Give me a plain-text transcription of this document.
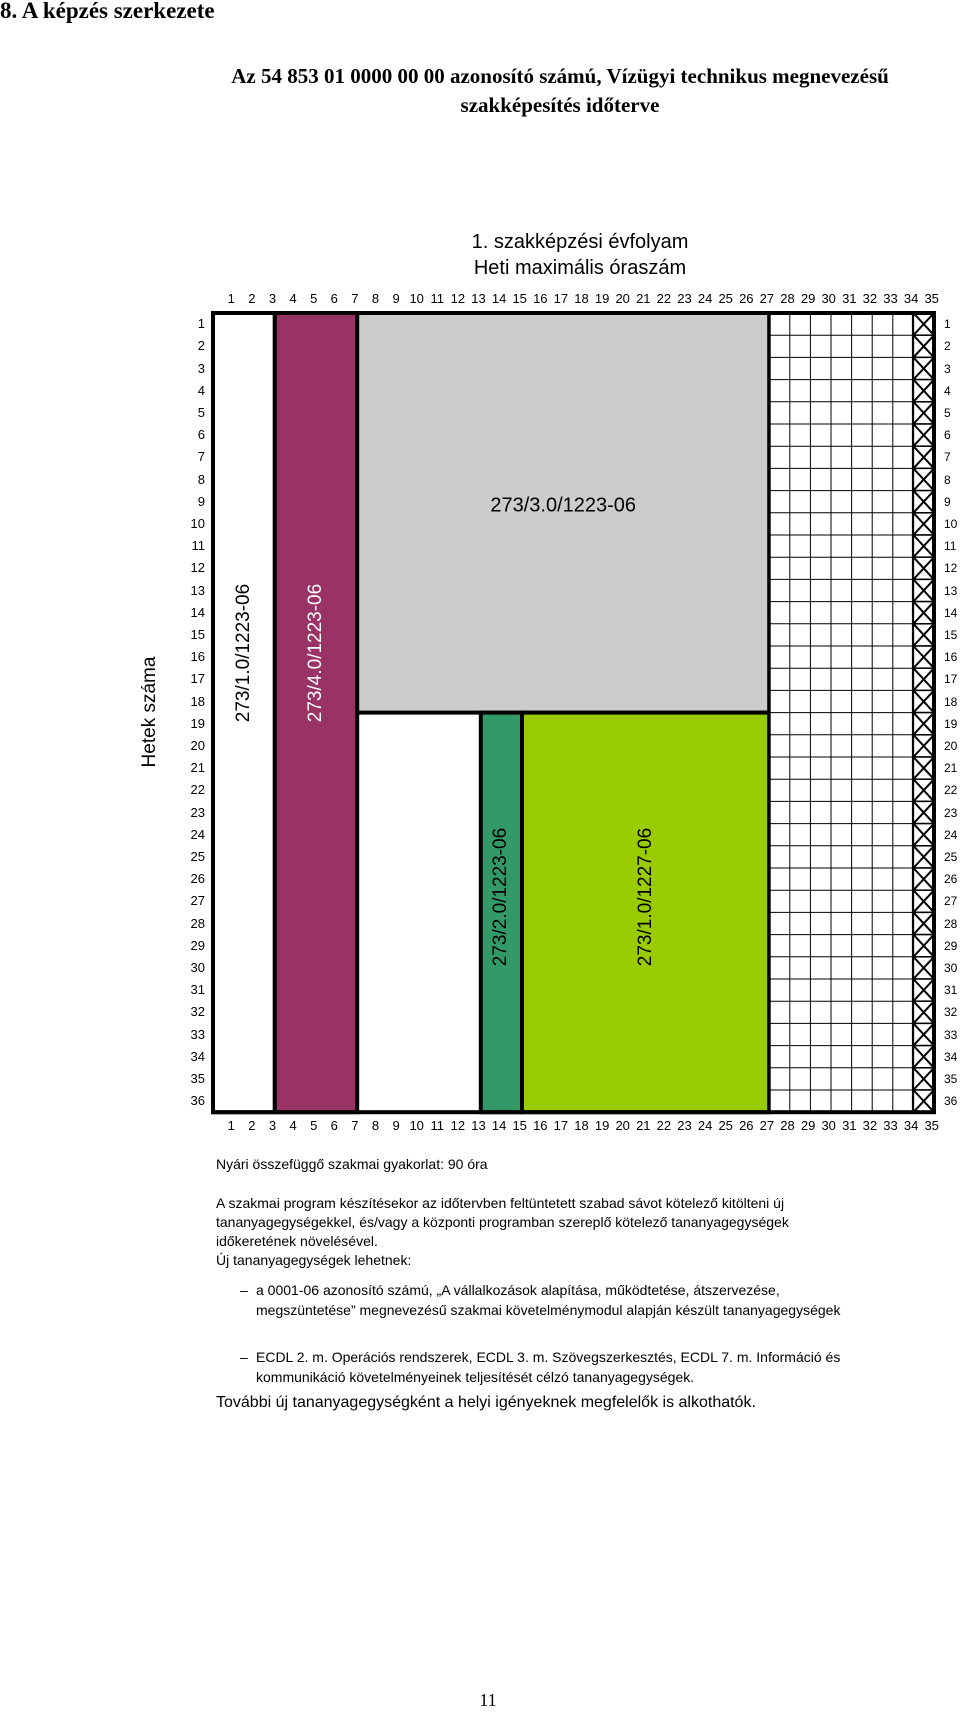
8. A képzés szerkezete
Az 54 853 01 0000 00 00 azonosító számú, Vízügyi technikus megnevezésű
szakképesítés időterve
1. szakképzési évfolyam
Heti maximális óraszám
Hetek száma
1
1
2
2
3
3
4
4
5
5
6
6
7
7
8
8
9
9
10
10
11
11
12
12
13
13
14
14
15
15
16
16
17
17
18
18
19
19
20
20
21
21
22
22
23
23
24
24
25
25
26
26
27
27
28
28
29
29
30
30
31
31
32
32
33
33
34
34
35
35
1	1
2	2
3	3
4	4
5	5
6	6
7	7
8	8
9	9
10	10
11	11
12	12
13	13
14	14
15	15
16	16
17	17
18	18
19	19
20	20
21	21
22	22
23	23
24	24
25	25
26	26
27	27
28	28
29	29
30	30
31	31
32	32
33	33
34	34
35	35
36	36
273/1.0/1223-06	273/4.0/1223-06
273/3.0/1223-06
273/2.0/1223-06	273/1.0/1227-06
Nyári összefüggő szakmai gyakorlat: 90 óra

A szakmai program készítésekor az időtervben feltüntetett szabad sávot kötelező kitölteni új

tananyagegységekkel, és/vagy a központi programban szereplő kötelező tananyagegységek

időkeretének növelésével.

Új tananyagegységek lehetnek:

– a 0001-06 azonosító számú, „A vállalkozások alapítása, működtetése, átszervezése,
megszüntetése” megnevezésű szakmai követelménymodul alapján készült tananyagegységek
– ECDL 2. m. Operációs rendszerek, ECDL 3. m. Szövegszerkesztés, ECDL 7. m. Információ és
kommunikáció követelményeinek teljesítését célzó tananyagegységek.
További új tananyagegységként a helyi igényeknek megfelelők is alkothatók.
11
